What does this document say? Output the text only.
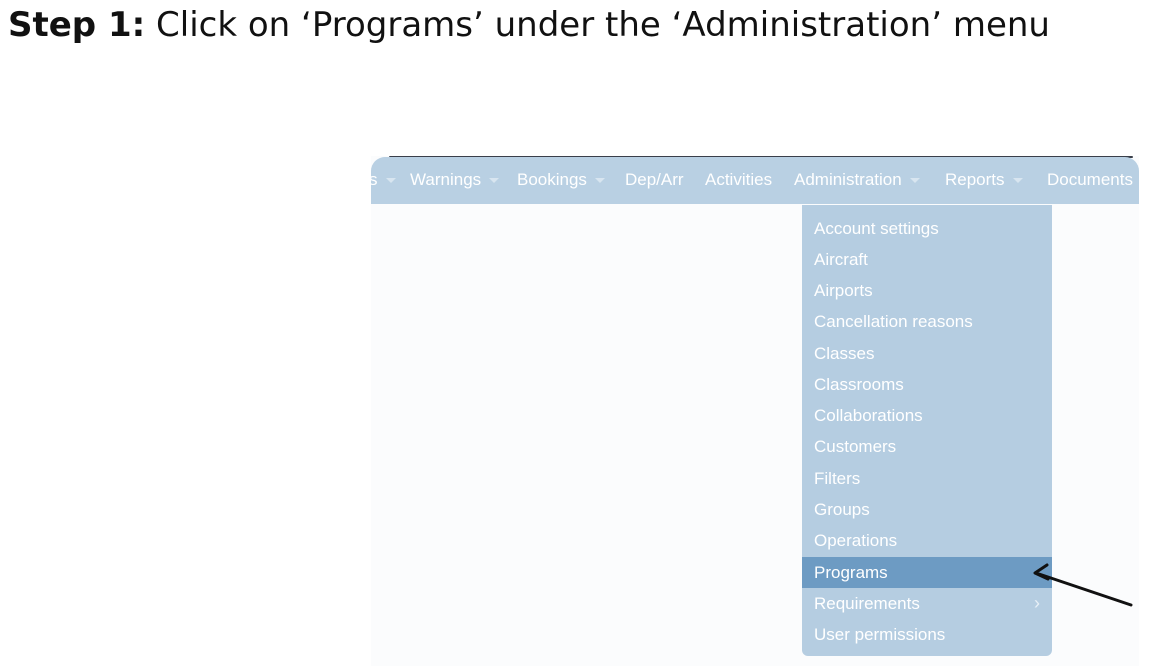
Step 1: Click on ‘Programs’ under the ‘Administration’ menu
s	Warnings	Bookings	Dep/Arr Activities Administration	Reports	Documents
Account settings
Aircraft
Airports
Cancellation reasons
Classes
Classrooms
Collaborations
Customers
Filters
Groups
Operations
Programs
Requirements	›
User permissions
